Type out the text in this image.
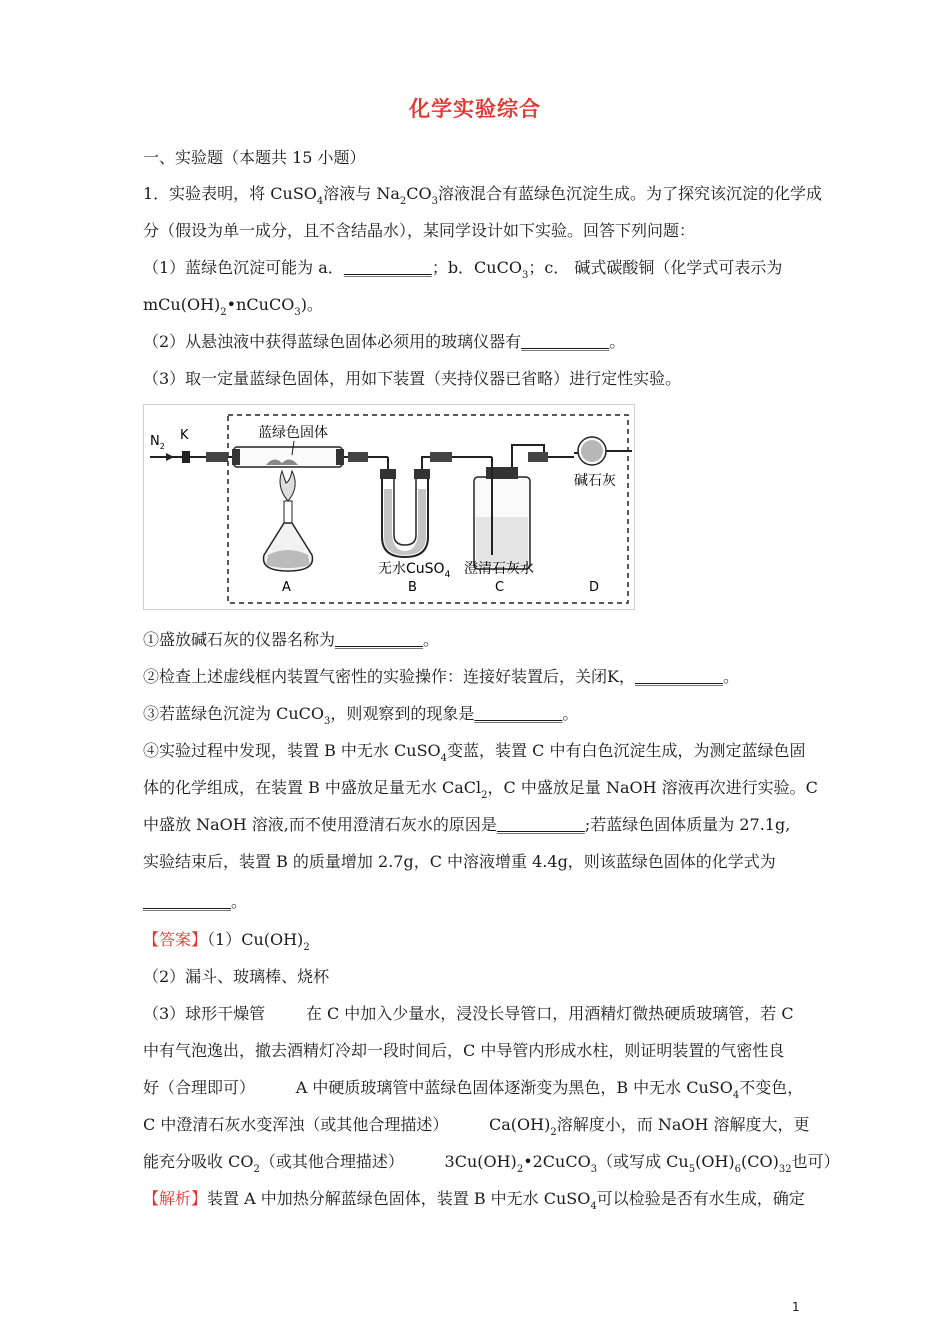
化学实验综合
一、实验题（本题共 15 小题）
1．实验表明，将 CuSO$_4$溶液与 $Na_2CO_3$溶液混合有蓝绿色沉淀生成。为了探究该沉淀的化学成
分（假设为单一成分，且不含结晶水），某同学设计如下实验。回答下列问题：
（1）蓝绿色沉淀可能为 a．___________；b．CuCO$_3$；c． 碱式碳酸铜（化学式可表示为
$mCu(OH)_2•nCuCO_3$)。
（2）从悬浊液中获得蓝绿色固体必须用的玻璃仪器有___________。
（3）取一定量蓝绿色固体，用如下装置（夹持仪器已省略）进行定性实验。
$N_2$
K	蓝绿色固体
碱石灰
无水CuSO$_4$ 澄清石灰水
A	B	C	D
①盛放碱石灰的仪器名称为___________。
②检查上述虚线框内装置气密性的实验操作：连接好装置后，关闭K，___________。
③若蓝绿色沉淀为 CuCO$_3$，则观察到的现象是___________。
④实验过程中发现，装置 B 中无水 CuSO$_4$变蓝，装置 C 中有白色沉淀生成，为测定蓝绿色固
体的化学组成，在装置 B 中盛放足量无水 CaCl$_2$，C 中盛放足量 NaOH 溶液再次进行实验。C
中盛放 NaOH 溶液,而不使用澄清石灰水的原因是___________;若蓝绿色固体质量为 27.1g,
实验结束后，装置 B 的质量增加 2.7g，C 中溶液增重 4.4g，则该蓝绿色固体的化学式为
___________。
【答案】$(1)Cu(OH)_2$
（2）漏斗、玻璃棒、烧杯
（3）球形干燥管        在 C 中加入少量水，浸没长导管口，用酒精灯微热硬质玻璃管，若 C
中有气泡逸出，撤去酒精灯冷却一段时间后，C 中导管内形成水柱，则证明装置的气密性良
好（合理即可）        A 中硬质玻璃管中蓝绿色固体逐渐变为黑色，B 中无水 CuSO$_4$不变色，
C 中澄清石灰水变浑浊（或其他合理描述）        $Ca(OH)_2$溶解度小，而 NaOH 溶解度大，更
能充分吸收 $CO_2$（或其他合理描述）        $3Cu(OH)_2•2CuCO_3$（或写成 $Cu_5(OH)_6(CO)_{32}$也可）
【解析】装置 A 中加热分解蓝绿色固体，装置 B 中无水 CuSO$_4$可以检验是否有水生成，确定
1
